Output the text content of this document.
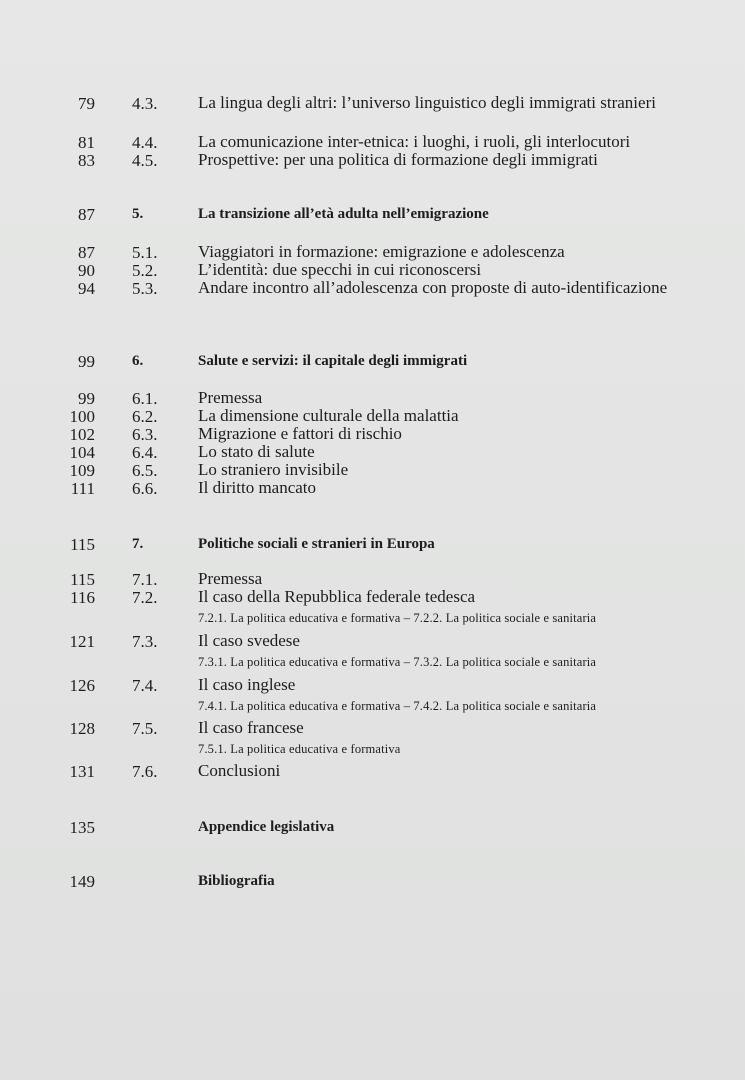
79 4.3. La lingua degli altri: l’universo linguistico degli immigrati stranieri
81 4.4. La comunicazione inter-etnica: i luoghi, i ruoli, gli interlocutori
83 4.5. Prospettive: per una politica di formazione degli immigrati
87 5.	La transizione all’età adulta nell’emigrazione
87 5.1. Viaggiatori in formazione: emigrazione e adolescenza
90 5.2. L’identità: due specchi in cui riconoscersi
94 5.3. Andare incontro all’adolescenza con proposte di auto-identificazione
99 6.	Salute e servizi: il capitale degli immigrati
99 6.1. Premessa
100 6.2. La dimensione culturale della malattia
102 6.3. Migrazione e fattori di rischio
104 6.4. Lo stato di salute
109 6.5. Lo straniero invisibile
111 6.6. Il diritto mancato
115 7.	Politiche sociali e stranieri in Europa
115 7.1. Premessa
116 7.2. Il caso della Repubblica federale tedesca
7.2.1. La politica educativa e formativa – 7.2.2. La politica sociale e sanitaria
121 7.3. Il caso svedese
7.3.1. La politica educativa e formativa – 7.3.2. La politica sociale e sanitaria
126 7.4. Il caso inglese
7.4.1. La politica educativa e formativa – 7.4.2. La politica sociale e sanitaria
128 7.5. Il caso francese
7.5.1. La politica educativa e formativa
131 7.6. Conclusioni
135	Appendice legislativa
149	Bibliografia
